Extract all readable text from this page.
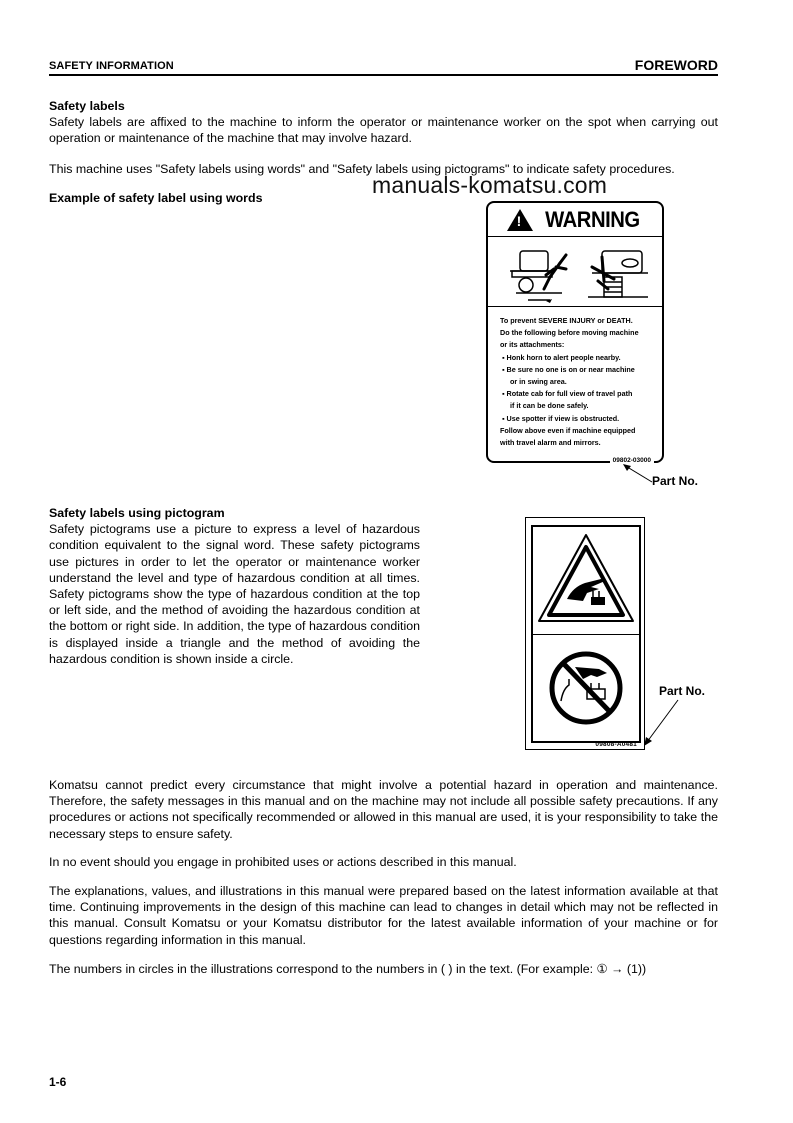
SAFETY INFORMATION	FOREWORD
Safety labels
Safety labels are affixed to the machine to inform the operator or maintenance worker on the spot when carrying out operation or maintenance of the machine that may involve hazard.
This machine uses "Safety labels using words" and "Safety labels using pictograms" to indicate safety procedures.
manuals-komatsu.com
Example of safety label using words
!
WARNING
To prevent SEVERE INJURY or DEATH.
Do the following before moving machine
or its attachments:
▪ Honk horn to alert people nearby.
▪ Be sure no one is on or near machine
or in swing area.
▪ Rotate cab for full view of travel path
if it can be done safely.
▪ Use spotter if view is obstructed.
Follow above even if machine equipped
with travel alarm and mirrors.
09802-03000
Part No.
Safety labels using pictogram
Safety pictograms use a picture to express a level of hazardous condition equivalent to the signal word. These safety pictograms use pictures in order to let the operator or maintenance worker understand the level and type of hazardous condition at all times. Safety pictograms show the type of hazardous condition at the top or left side, and the method of avoiding the hazardous condition at the bottom or right side. In addition, the type of hazardous condition is displayed inside a triangle and the method of avoiding the hazardous condition is shown inside a circle.
09808-A0481
Part No.
Komatsu cannot predict every circumstance that might involve a potential hazard in operation and maintenance. Therefore, the safety messages in this manual and on the machine may not include all possible safety precautions. If any procedures or actions not specifically recommended or allowed in this manual are used, it is your responsibility to take the necessary steps to ensure safety.
In no event should you engage in prohibited uses or actions described in this manual.
The explanations, values, and illustrations in this manual were prepared based on the latest information available at that time. Continuing improvements in the design of this machine can lead to changes in detail which may not be reflected in this manual. Consult Komatsu or your Komatsu distributor for the latest available information of your machine or for questions regarding information in this manual.
The numbers in circles in the illustrations correspond to the numbers in ( ) in the text. (For example: ① → (1))
1-6
